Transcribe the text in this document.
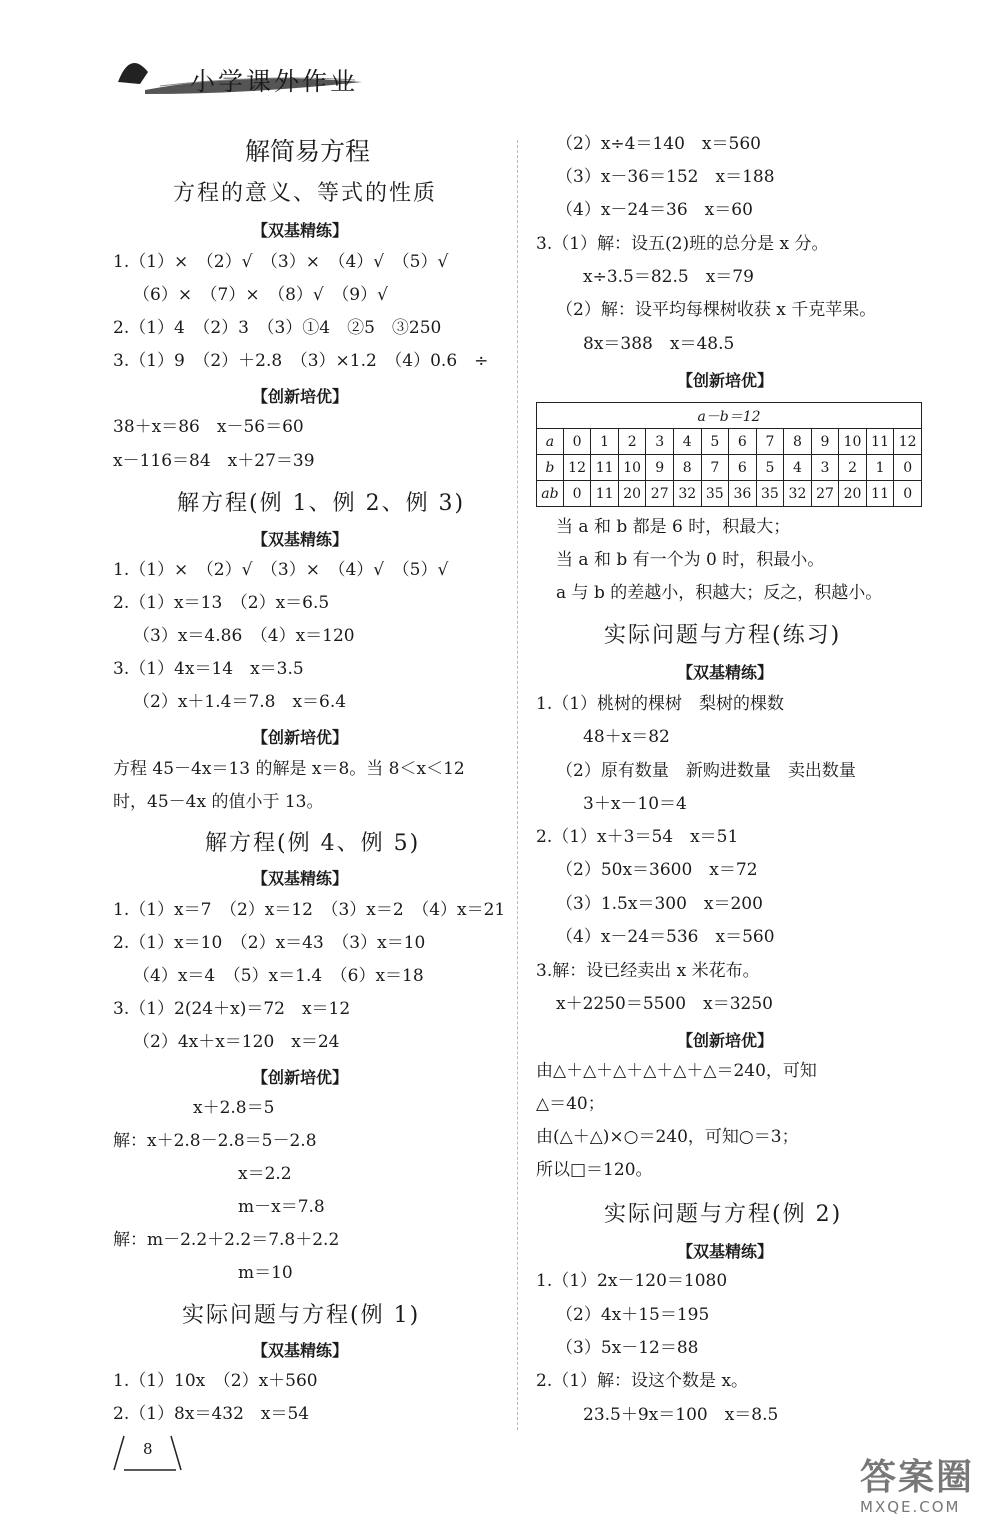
小学课外作业
解简易方程
方程的意义、等式的性质
【双基精练】
1.（1）×　（2）√　（3）×　（4）√　（5）√
（6）×　（7）×　（8）√　（9）√
2.（1）4　（2）3　（3）①4　②5　③250
3.（1）9　（2）＋2.8　（3）×1.2　（4）0.6　÷
【创新培优】
38＋x＝86　x－56＝60
x－116＝84　x＋27＝39
解方程(例 1、例 2、例 3)
【双基精练】
1.（1）×　（2）√　（3）×　（4）√　（5）√
2.（1）x＝13　（2）x＝6.5
（3）x＝4.86　（4）x＝120
3.（1）4x＝14　x＝3.5
（2）x＋1.4＝7.8　x＝6.4
【创新培优】
方程 45－4x＝13 的解是 x＝8。当 8＜x＜12
时，45－4x 的值小于 13。
解方程(例 4、例 5)
【双基精练】
1.（1）x＝7　（2）x＝12　（3）x＝2　（4）x＝21
2.（1）x＝10　（2）x＝43　（3）x＝10
（4）x＝4　（5）x＝1.4　（6）x＝18
3.（1）2(24＋x)＝72　x＝12
（2）4x＋x＝120　x＝24
【创新培优】
x＋2.8＝5
解：x＋2.8－2.8＝5－2.8
x＝2.2
m－x＝7.8
解：m－2.2＋2.2＝7.8＋2.2
m＝10
实际问题与方程(例 1)
【双基精练】
1.（1）10x　（2）x＋560
2.（1）8x＝432　x＝54
（2）x÷4＝140　x＝560
（3）x－36＝152　x＝188
（4）x－24＝36　x＝60
3.（1）解：设五(2)班的总分是 x 分。
x÷3.5＝82.5　x＝79
（2）解：设平均每棵树收获 x 千克苹果。
8x＝388　x＝48.5
【创新培优】
a－b＝12													
a	0	1	2	3	4	5	6	7	8	9	10	11	12
b	12	11	10	9	8	7	6	5	4	3	2	1	0
ab	0	11	20	27	32	35	36	35	32	27	20	11	0
当 a 和 b 都是 6 时，积最大；
当 a 和 b 有一个为 0 时，积最小。
a 与 b 的差越小，积越大；反之，积越小。
实际问题与方程(练习)
【双基精练】
1.（1）桃树的棵树　梨树的棵数
48＋x＝82
（2）原有数量　新购进数量　卖出数量
3＋x－10＝4
2.（1）x＋3＝54　x＝51
（2）50x＝3600　x＝72
（3）1.5x＝300　x＝200
（4）x－24＝536　x＝560
3.解：设已经卖出 x 米花布。
x＋2250＝5500　x＝3250
【创新培优】
由△＋△＋△＋△＋△＋△＝240，可知
△＝40；
由(△＋△)×○＝240，可知○＝3；
所以□＝120。
实际问题与方程(例 2)
【双基精练】
1.（1）2x－120＝1080
（2）4x＋15＝195
（3）5x－12＝88
2.（1）解：设这个数是 x。
23.5＋9x＝100　x＝8.5
8
答案圈
MXQE.COM
